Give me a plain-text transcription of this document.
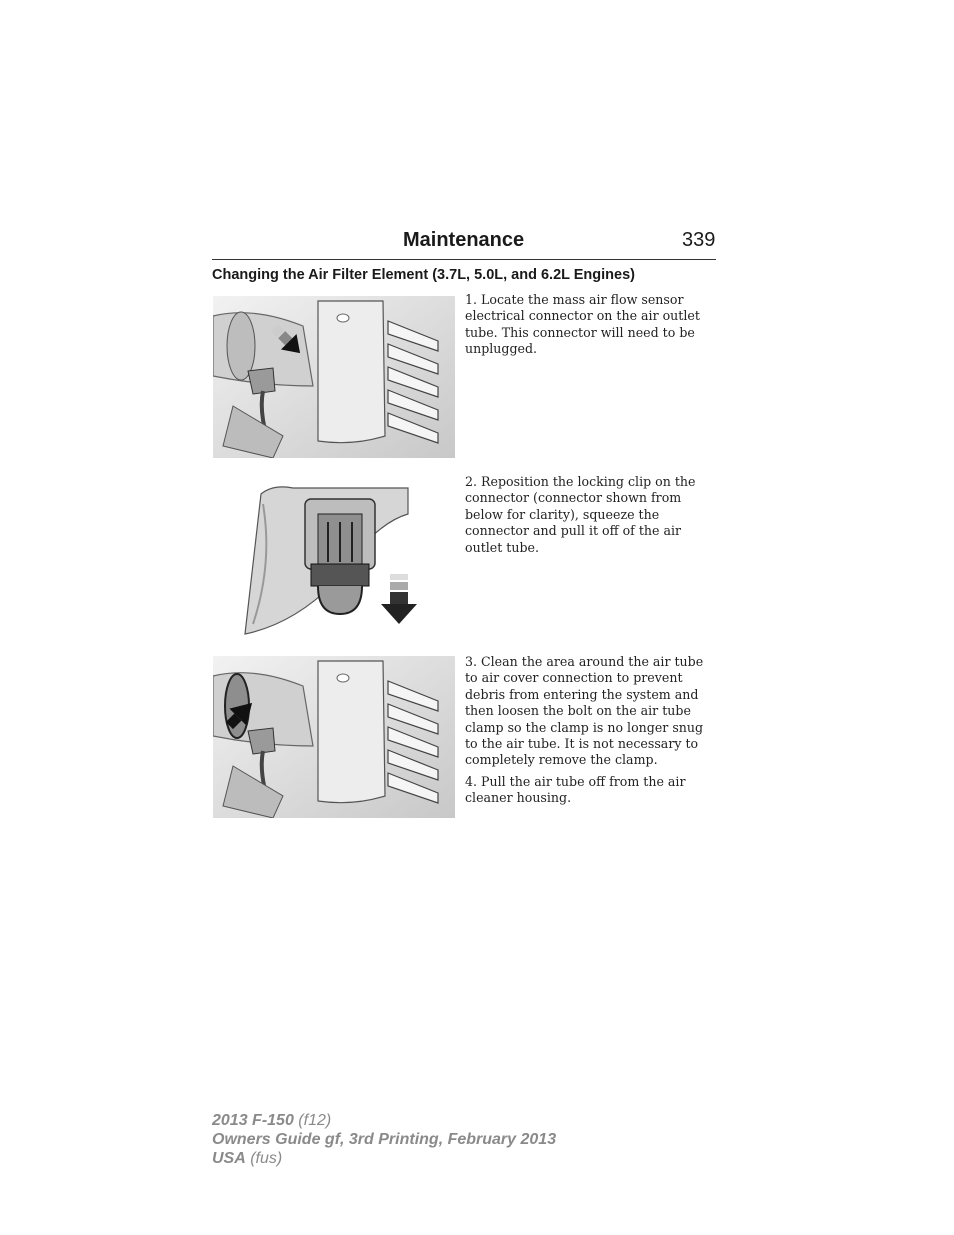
Maintenance	339
Changing the Air Filter Element (3.7L, 5.0L, and 6.2L Engines)

1. Locate the mass air flow sensor electrical connector on the air outlet tube. This connector will need to be unplugged.

2. Reposition the locking clip on the connector (connector shown from below for clarity), squeeze the connector and pull it off of the air outlet tube.

3. Clean the area around the air tube to air cover connection to prevent debris from entering the system and then loosen the bolt on the air tube clamp so the clamp is no longer snug to the air tube. It is not necessary to completely remove the clamp.

4. Pull the air tube off from the air cleaner housing.

2013 F-150 (f12)
Owners Guide gf, 3rd Printing, February 2013
USA (fus)
